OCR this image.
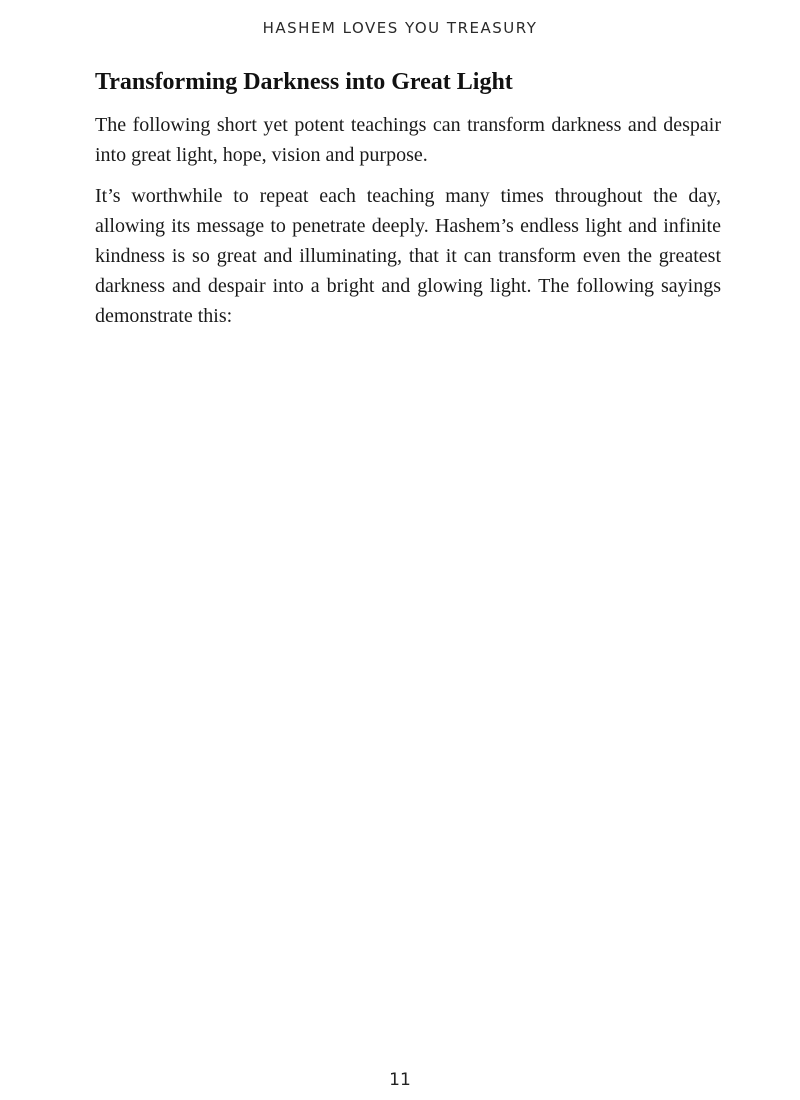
HASHEM LOVES YOU TREASURY
Transforming Darkness into Great Light

The following short yet potent teachings can transform darkness and despair into great light, hope, vision and purpose.

It’s worthwhile to repeat each teaching many times throughout the day, allowing its message to penetrate deeply. Hashem’s endless light and infinite kindness is so great and illuminating, that it can transform even the greatest darkness and despair into a bright and glowing light. The following sayings demonstrate this:

11
